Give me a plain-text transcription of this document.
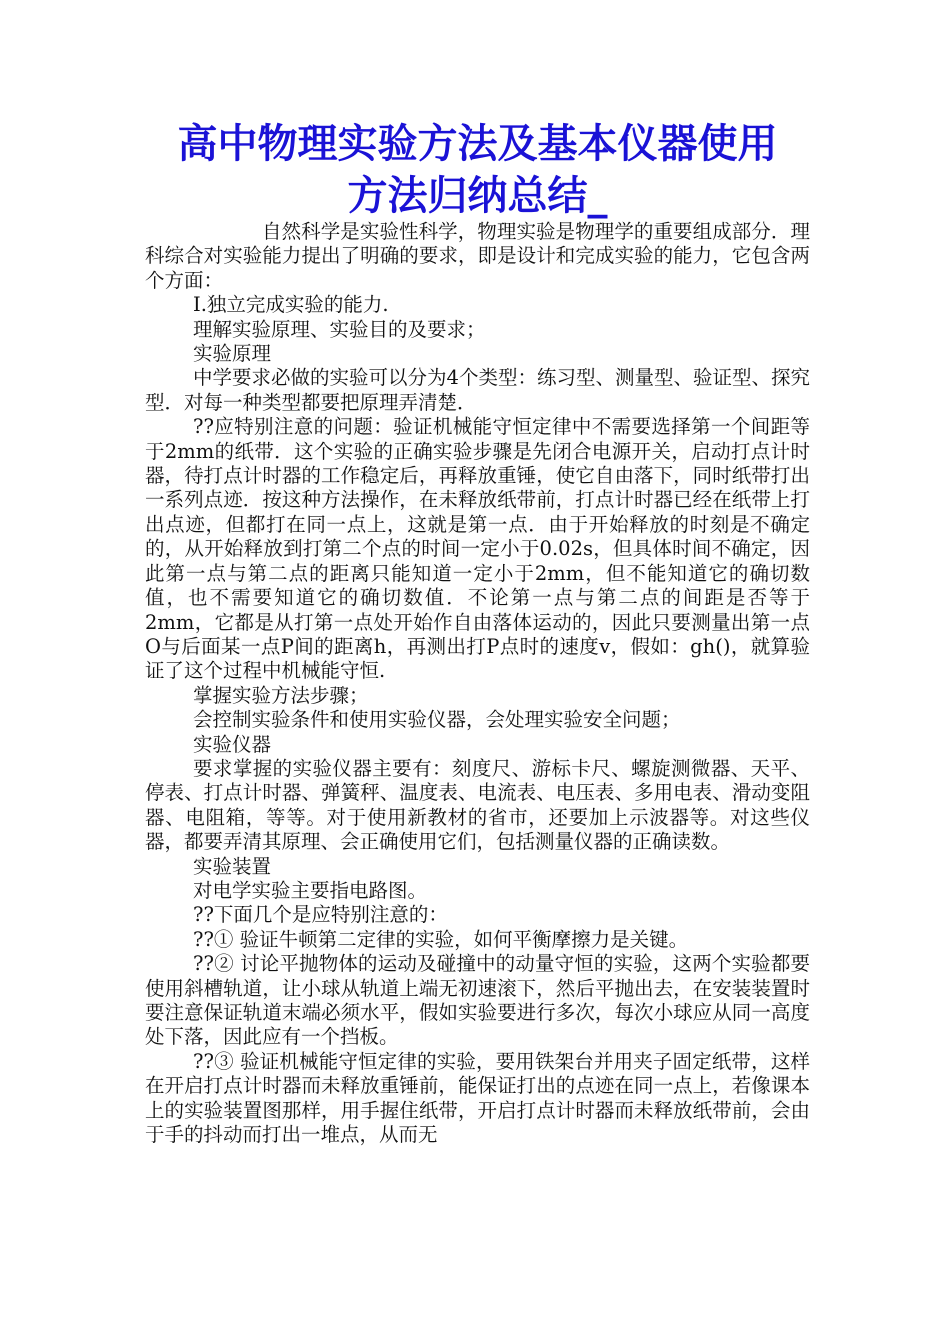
高中物理实验方法及基本仪器使用
方法归纳总结_

自然科学是实验性科学，物理实验是物理学的重要组成部分．理科综合对实验能力提出了明确的要求，即是设计和完成实验的能力，它包含两个方面：

Ⅰ.独立完成实验的能力.

理解实验原理、实验目的及要求；

实验原理

中学要求必做的实验可以分为4个类型：练习型、测量型、验证型、探究型．对每一种类型都要把原理弄清楚．

??应特别注意的问题：验证机械能守恒定律中不需要选择第一个间距等于2mm的纸带．这个实验的正确实验步骤是先闭合电源开关，启动打点计时器，待打点计时器的工作稳定后，再释放重锤，使它自由落下，同时纸带打出一系列点迹．按这种方法操作，在未释放纸带前，打点计时器已经在纸带上打出点迹，但都打在同一点上，这就是第一点．由于开始释放的时刻是不确定的，从开始释放到打第二个点的时间一定小于0.02s，但具体时间不确定，因此第一点与第二点的距离只能知道一定小于2mm，但不能知道它的确切数值，也不需要知道它的确切数值．不论第一点与第二点的间距是否等于2mm，它都是从打第一点处开始作自由落体运动的，因此只要测量出第一点O与后面某一点P间的距离h，再测出打P点时的速度v，假如：gh()，就算验证了这个过程中机械能守恒.

掌握实验方法步骤；

会控制实验条件和使用实验仪器，会处理实验安全问题；

实验仪器

要求掌握的实验仪器主要有：刻度尺、游标卡尺、螺旋测微器、天平、停表、打点计时器、弹簧秤、温度表、电流表、电压表、多用电表、滑动变阻器、电阻箱，等等。对于使用新教材的省市，还要加上示波器等。对这些仪器，都要弄清其原理、会正确使用它们，包括测量仪器的正确读数。

实验装置

对电学实验主要指电路图。

??下面几个是应特别注意的：

??① 验证牛顿第二定律的实验，如何平衡摩擦力是关键。

??② 讨论平抛物体的运动及碰撞中的动量守恒的实验，这两个实验都要使用斜槽轨道，让小球从轨道上端无初速滚下，然后平抛出去，在安装装置时要注意保证轨道末端必须水平，假如实验要进行多次，每次小球应从同一高度处下落，因此应有一个挡板。

??③ 验证机械能守恒定律的实验，要用铁架台并用夹子固定纸带，这样在开启打点计时器而未释放重锤前，能保证打出的点迹在同一点上，若像课本上的实验装置图那样，用手握住纸带，开启打点计时器而未释放纸带前，会由于手的抖动而打出一堆点，从而无
